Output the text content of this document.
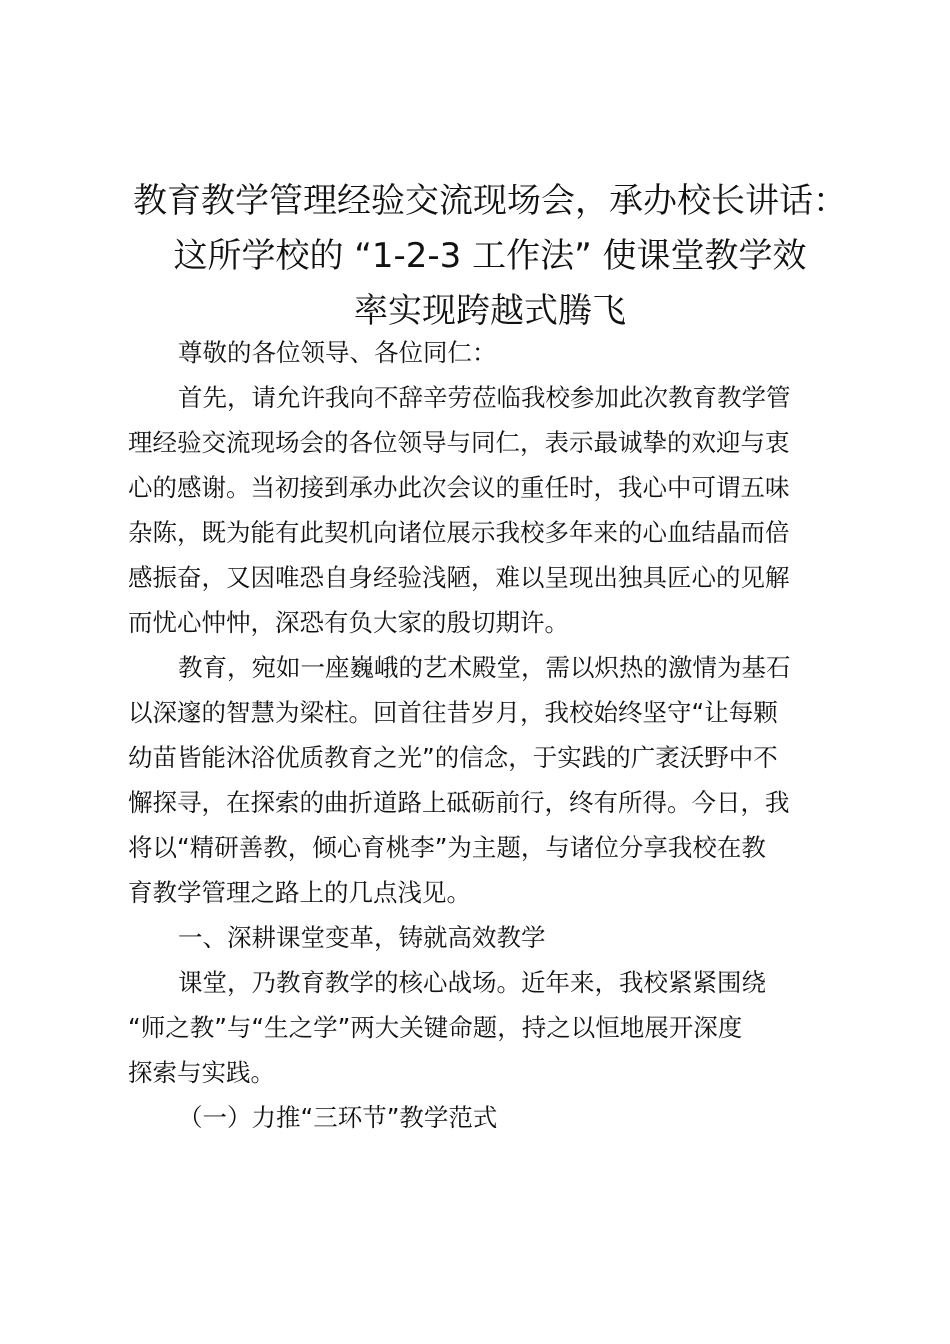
教育教学管理经验交流现场会，承办校长讲话：
这所学校的 “1-2-3 工作法” 使课堂教学效
率实现跨越式腾飞
尊敬的各位领导、各位同仁：
首先，请允许我向不辞辛劳莅临我校参加此次教育教学管
理经验交流现场会的各位领导与同仁，表示最诚挚的欢迎与衷
心的感谢。当初接到承办此次会议的重任时，我心中可谓五味
杂陈，既为能有此契机向诸位展示我校多年来的心血结晶而倍
感振奋，又因唯恐自身经验浅陋，难以呈现出独具匠心的见解
而忧心忡忡，深恐有负大家的殷切期许。
教育，宛如一座巍峨的艺术殿堂，需以炽热的激情为基石
以深邃的智慧为梁柱。回首往昔岁月，我校始终坚守“让每颗
幼苗皆能沐浴优质教育之光”的信念，于实践的广袤沃野中不
懈探寻，在探索的曲折道路上砥砺前行，终有所得。今日，我
将以“精研善教，倾心育桃李”为主题，与诸位分享我校在教
育教学管理之路上的几点浅见。
一、深耕课堂变革，铸就高效教学
课堂，乃教育教学的核心战场。近年来，我校紧紧围绕
“师之教”与“生之学”两大关键命题，持之以恒地展开深度
探索与实践。
（一）力推“三环节”教学范式
